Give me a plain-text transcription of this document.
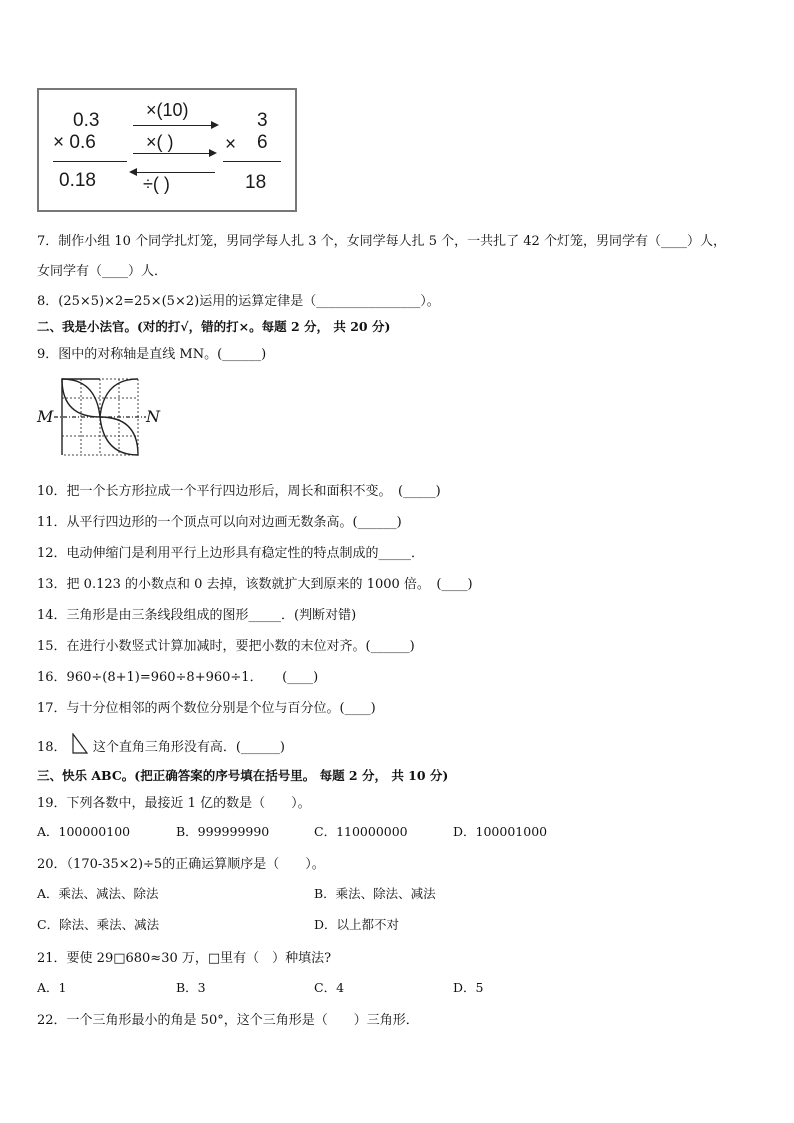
0.3
× 0.6
0.18
×(10)
×( )
÷( )
3
× 6
18
7．制作小组 10 个同学扎灯笼，男同学每人扎 3 个，女同学每人扎 5 个，一共扎了 42 个灯笼，男同学有（____）人，
女同学有（____）人．
8．(25×5)×2=25×(5×2)运用的运算定律是（________________）。
二、我是小法官。(对的打√，错的打×。每题 2 分， 共 20 分)
9．图中的对称轴是直线 MN。(______)
M	N
10．把一个长方形拉成一个平行四边形后，周长和面积不变。　(_____)
11．从平行四边形的一个顶点可以向对边画无数条高。(______)
12．电动伸缩门是利用平行上边形具有稳定性的特点制成的_____．
13．把 0.123 的小数点和 0 去掉，该数就扩大到原来的 1000 倍。　(____)
14．三角形是由三条线段组成的图形_____．(判断对错)
15．在进行小数竖式计算加减时，要把小数的末位对齐。(______)
16．960÷(8+1)=960÷8+960÷1．　　(____)
17．与十分位相邻的两个数位分别是个位与百分位。(____)
18． 这个直角三角形没有高．(______)
三、快乐 ABC。(把正确答案的序号填在括号里。 每题 2 分， 共 10 分)
19．下列各数中，最接近 1 亿的数是（　　）。
A．100000100	B．999999990	C．110000000	D．100001000
20．（170-35×2)÷5的正确运算顺序是（　　）。
A．乘法、减法、除法	B．乘法、除法、减法
C．除法、乘法、减法	D．以上都不对
21．要使 29□680≈30 万，□里有（　）种填法?
A．1	B．3	C．4	D．5
22．一个三角形最小的角是 50°，这个三角形是（　　）三角形．
